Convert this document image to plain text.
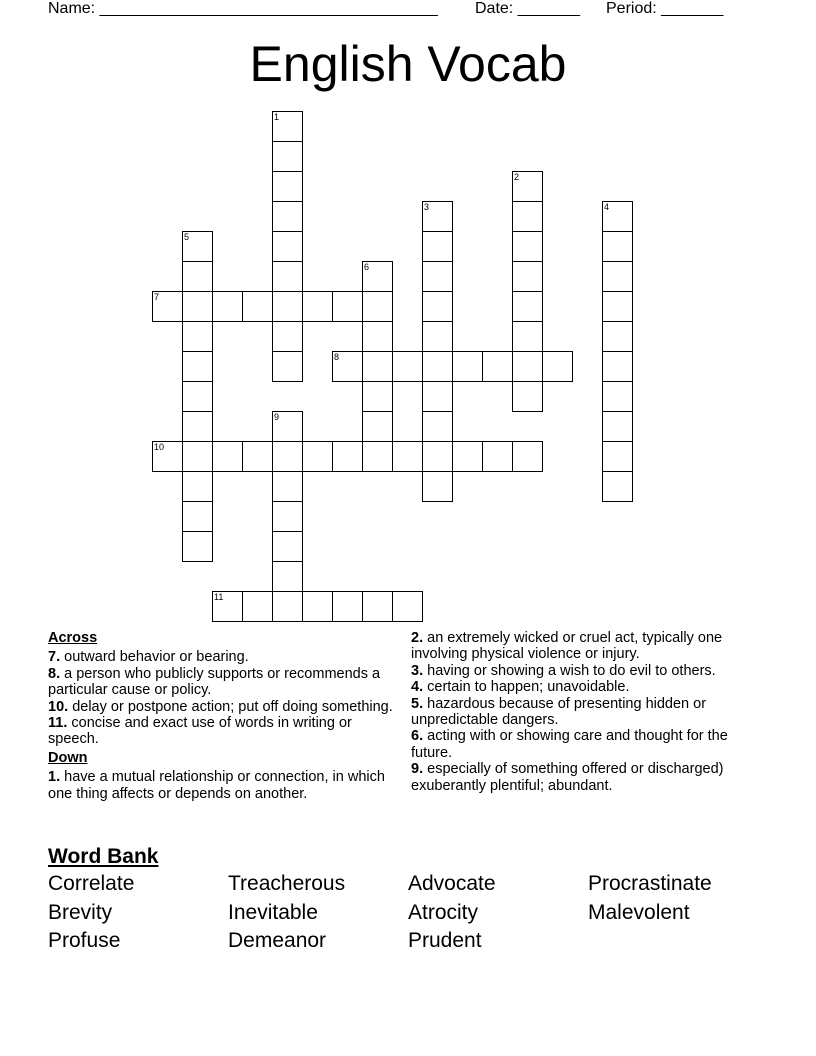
Name: ______________________________________ Date: _______ Period: _______
English Vocab
1
2
3	4
5
6
7
8
9
10
11
Across
7. outward behavior or bearing.
8. a person who publicly supports or recommends a particular cause or policy.
10. delay or postpone action; put off doing something.
11. concise and exact use of words in writing or speech.
Down
1. have a mutual relationship or connection, in which one thing affects or depends on another.
2. an extremely wicked or cruel act, typically one involving physical violence or injury.
3. having or showing a wish to do evil to others.
4. certain to happen; unavoidable.
5. hazardous because of presenting hidden or unpredictable dangers.
6. acting with or showing care and thought for the future.
9. especially of something offered or discharged) exuberantly plentiful; abundant.
Word Bank
Correlate	Treacherous	Advocate	Procrastinate
Brevity	Inevitable	Atrocity	Malevolent
Profuse	Demeanor	Prudent
